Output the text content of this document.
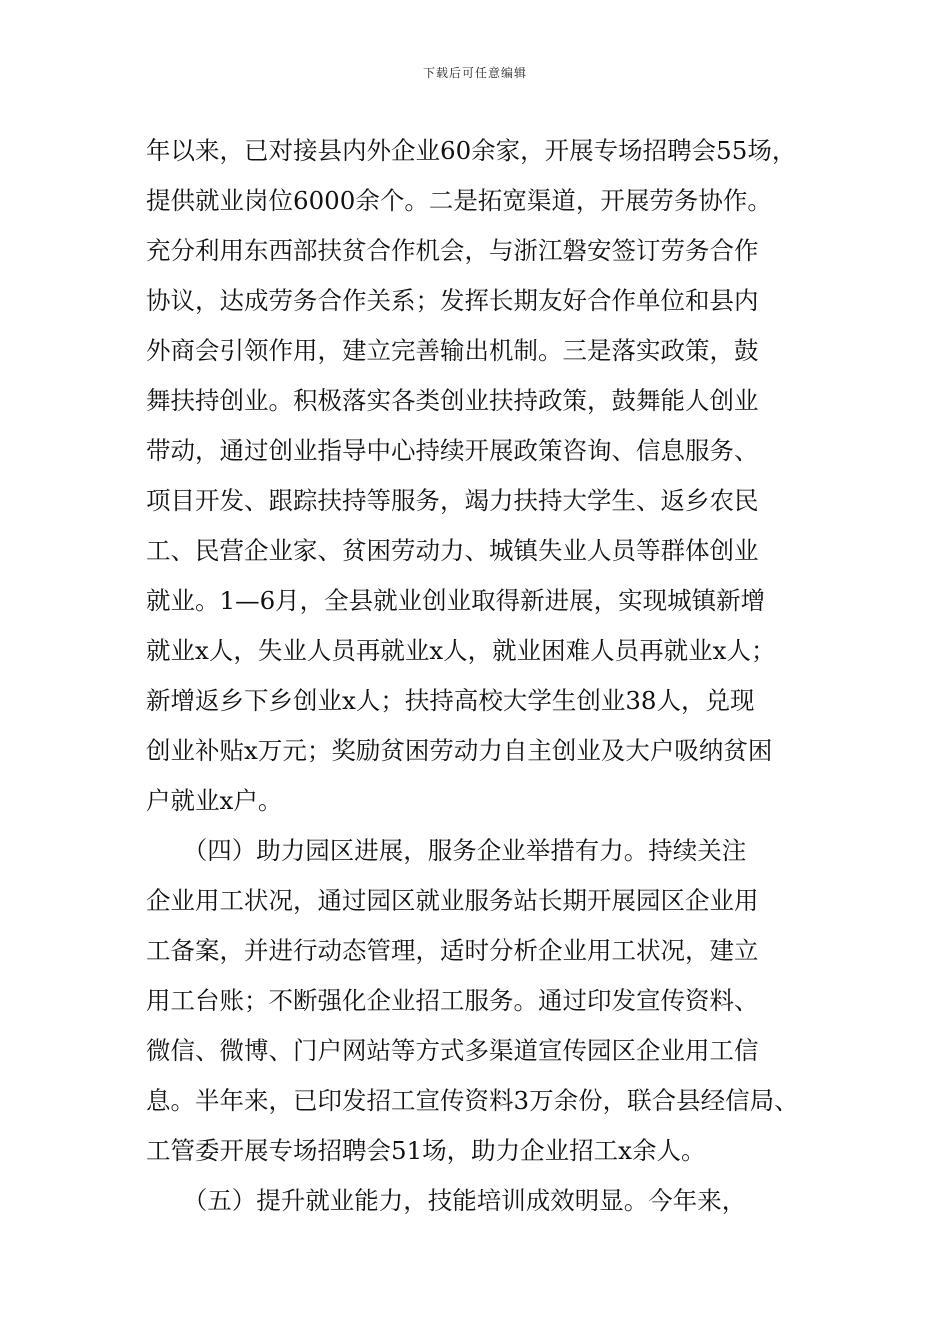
下载后可任意编辑
年以来，已对接县内外企业60余家，开展专场招聘会55场，
提供就业岗位6000余个。二是拓宽渠道，开展劳务协作。
充分利用东西部扶贫合作机会，与浙江磐安签订劳务合作
协议，达成劳务合作关系；发挥长期友好合作单位和县内
外商会引领作用，建立完善输出机制。三是落实政策，鼓
舞扶持创业。积极落实各类创业扶持政策，鼓舞能人创业
带动，通过创业指导中心持续开展政策咨询、信息服务、
项目开发、跟踪扶持等服务，竭力扶持大学生、返乡农民
工、民营企业家、贫困劳动力、城镇失业人员等群体创业
就业。1—6月，全县就业创业取得新进展，实现城镇新增
就业x人，失业人员再就业x人，就业困难人员再就业x人；
新增返乡下乡创业x人；扶持高校大学生创业38人，兑现
创业补贴x万元；奖励贫困劳动力自主创业及大户吸纳贫困
户就业x户。
　　（四）助力园区进展，服务企业举措有力。持续关注
企业用工状况，通过园区就业服务站长期开展园区企业用
工备案，并进行动态管理，适时分析企业用工状况，建立
用工台账；不断强化企业招工服务。通过印发宣传资料、
微信、微博、门户网站等方式多渠道宣传园区企业用工信
息。半年来，已印发招工宣传资料3万余份，联合县经信局、
工管委开展专场招聘会51场，助力企业招工x余人。
　　（五）提升就业能力，技能培训成效明显。今年来，
